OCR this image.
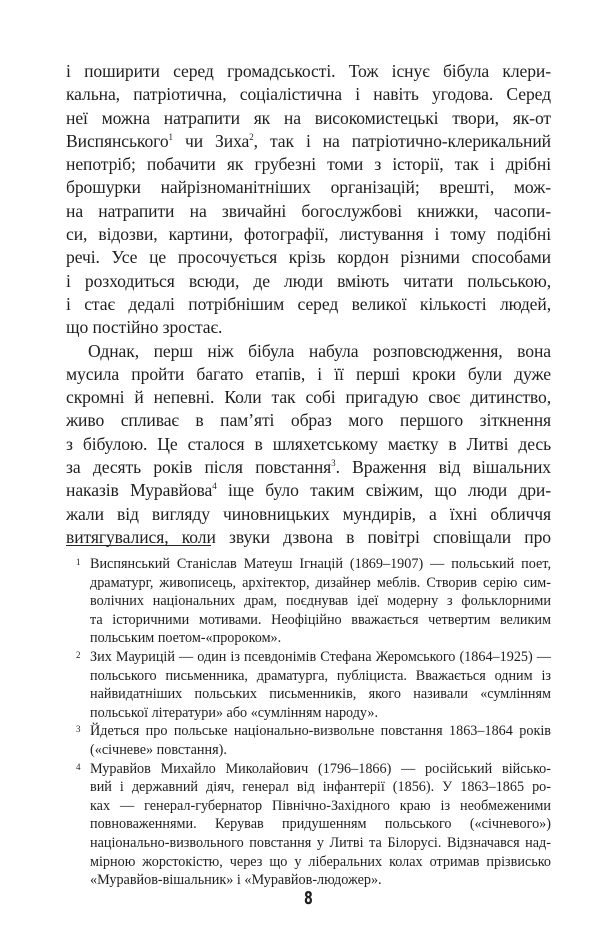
і поширити серед громадськості. Тож існує бібула клери-
кальна, патріотична, соціалістична і навіть угодова. Серед
неї можна натрапити як на високомистецькі твори, як-от
Виспянського$^1$ чи Зиха$^2$, так і на патріотично-клерикальний
непотріб; побачити як грубезні томи з історії, так і дрібні
брошурки найрізноманітніших організацій; врешті, мож-
на натрапити на звичайні богослужбові книжки, часопи-
си, відозви, картини, фотографії, листування і тому подібні
речі. Усе це просочується крізь кордон різними способами
і розходиться всюди, де люди вміють читати польською,
і стає дедалі потрібнішим серед великої кількості людей,
що постійно зростає.
Однак, перш ніж бібула набула розповсюдження, вона
мусила пройти багато етапів, і її перші кроки були дуже
скромні й непевні. Коли так собі пригадую своє дитинство,
живо спливає в пам’яті образ мого першого зіткнення
з бібулою. Це сталося в шляхетському маєтку в Литві десь
за десять років після повстання$^3$. Враження від вішальних
наказів Муравйова$^4$ іще було таким свіжим, що люди дри-
жали від вигляду чиновницьких мундирів, а їхні обличчя
витягувалися, коли звуки дзвона в повітрі сповіщали про
1 Виспянський Станіслав Матеуш Ігнацій (1869–1907) — польський поет,
драматург, живописець, архітектор, дизайнер меблів. Створив серію сим-
волічних національних драм, поєднував ідеї модерну з фольклорними
та історичними мотивами. Неофіційно вважається четвертим великим
польським поетом-«пророком».
2 Зих Маурицій — один із псевдонімів Стефана Жеромського (1864–1925) —
польського письменника, драматурга, публіциста. Вважається одним із
найвидатніших польських письменників, якого називали «сумлінням
польської літератури» або «сумлінням народу».
3 Йдеться про польське національно-визвольне повстання 1863–1864 років
(«січневе» повстання).
4 Муравйов Михайло Миколайович (1796–1866) — російський військо-
вий і державний діяч, генерал від інфантерії (1856). У 1863–1865 ро-
ках — генерал-губернатор Північно-Західного краю із необмеженими
повноваженнями. Керував придушенням польського («січневого»)
національно-визвольного повстання у Литві та Білорусі. Відзначався над-
мірною жорстокістю, через що у ліберальних колах отримав прізвисько
«Муравйов-вішальник» і «Муравйов-людожер».
8
